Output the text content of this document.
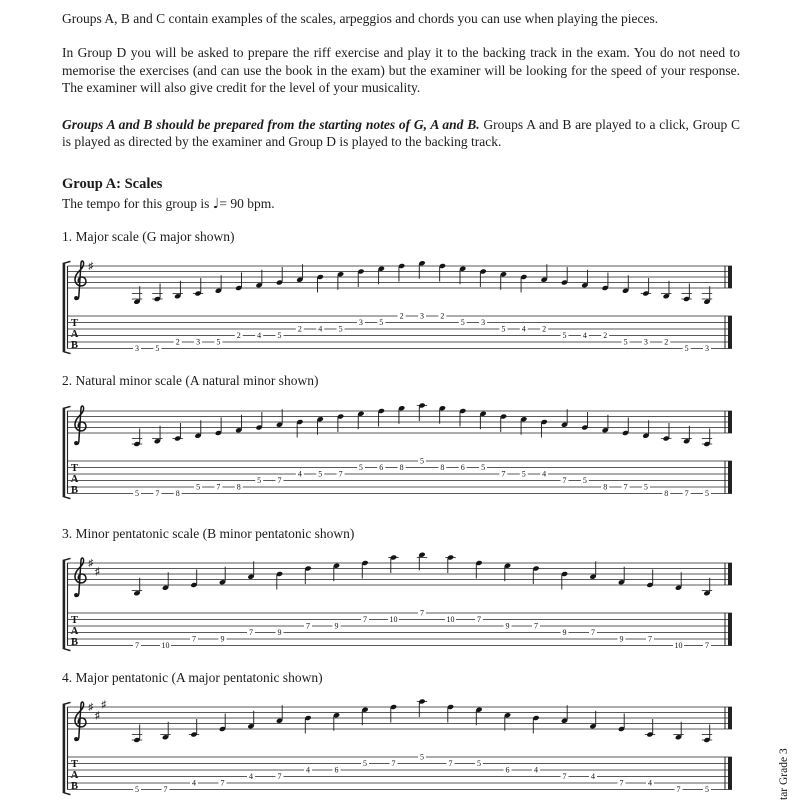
Groups A, B and C contain examples of the scales, arpeggios and chords you can use when playing the pieces.

In Group D you will be asked to prepare the riff exercise and play it to the backing track in the exam. You do not need to memorise the exercises (and can use the book in the exam) but the examiner will be looking for the speed of your response. The examiner will also give credit for the level of your musicality.

Groups A and B should be prepared from the starting notes of G, A and B. Groups A and B are played to a click, Group C is played as directed by the examiner and Group D is played to the backing track.

Group A: Scales

The tempo for this group is ♩= 90 bpm.

1. Major scale (G major shown)

♯
T
A
B	3 5
2 3 5
2 4 5
2 4 5
3 5
2 3 2
5 3
5 4 2
5 4 2
5 3 2
5 3

2. Natural minor scale (A natural minor shown)

T
A
B	5 7 8
5 7 8
5 7
4 5 7
5 6 8
5
8 6 5
7 5 4
7 5
8 7 5
8 7 5

3. Minor pentatonic scale (B minor pentatonic shown)

♯
♯
T
A
B	7	10
7	9
7	9
7	9
7	10
7
10	7
9	7
9	7
9	7
10	7

4. Major pentatonic (A major pentatonic shown)

♯
♯
♯
T
A
B	5	7
4	7
4	7
4	6
5	7
5
7	5
6	4
7	4
7	4
7	5	tar Grade 3
